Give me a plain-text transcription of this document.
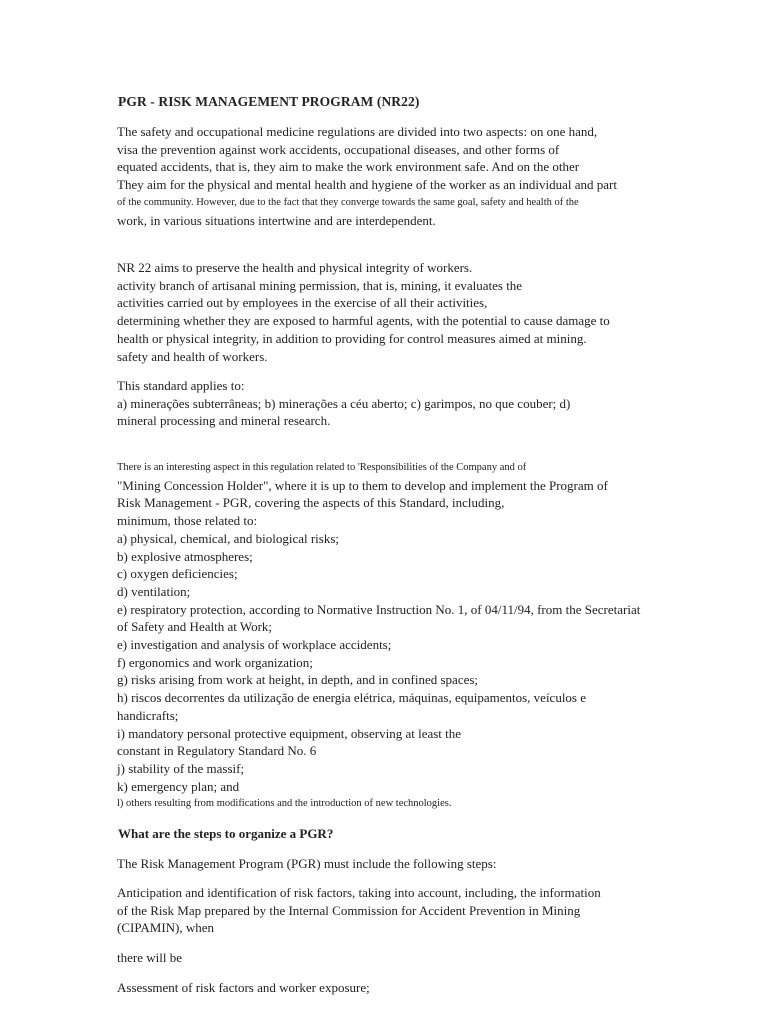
PGR - RISK MANAGEMENT PROGRAM (NR22)
The safety and occupational medicine regulations are divided into two aspects: on one hand,
visa the prevention against work accidents, occupational diseases, and other forms of
equated accidents, that is, they aim to make the work environment safe. And on the other
They aim for the physical and mental health and hygiene of the worker as an individual and part
of the community. However, due to the fact that they converge towards the same goal, safety and health of the
work, in various situations intertwine and are interdependent.
NR 22 aims to preserve the health and physical integrity of workers.
activity branch of artisanal mining permission, that is, mining, it evaluates the
activities carried out by employees in the exercise of all their activities,
determining whether they are exposed to harmful agents, with the potential to cause damage to
health or physical integrity, in addition to providing for control measures aimed at mining.
safety and health of workers.
This standard applies to:
a) minerações subterrâneas; b) minerações a céu aberto; c) garimpos, no que couber; d)
mineral processing and mineral research.
There is an interesting aspect in this regulation related to 'Responsibilities of the Company and of
"Mining Concession Holder", where it is up to them to develop and implement the Program of
Risk Management - PGR, covering the aspects of this Standard, including,
minimum, those related to:
a) physical, chemical, and biological risks;
b) explosive atmospheres;
c) oxygen deficiencies;
d) ventilation;
e) respiratory protection, according to Normative Instruction No. 1, of 04/11/94, from the Secretariat
of Safety and Health at Work;
e) investigation and analysis of workplace accidents;
f) ergonomics and work organization;
g) risks arising from work at height, in depth, and in confined spaces;
h) riscos decorrentes da utilização de energia elétrica, máquinas, equipamentos, veículos e
handicrafts;
i) mandatory personal protective equipment, observing at least the
constant in Regulatory Standard No. 6
j) stability of the massif;
k) emergency plan; and
l) others resulting from modifications and the introduction of new technologies.
What are the steps to organize a PGR?
The Risk Management Program (PGR) must include the following steps:
Anticipation and identification of risk factors, taking into account, including, the information
of the Risk Map prepared by the Internal Commission for Accident Prevention in Mining
(CIPAMIN), when
there will be
Assessment of risk factors and worker exposure;
